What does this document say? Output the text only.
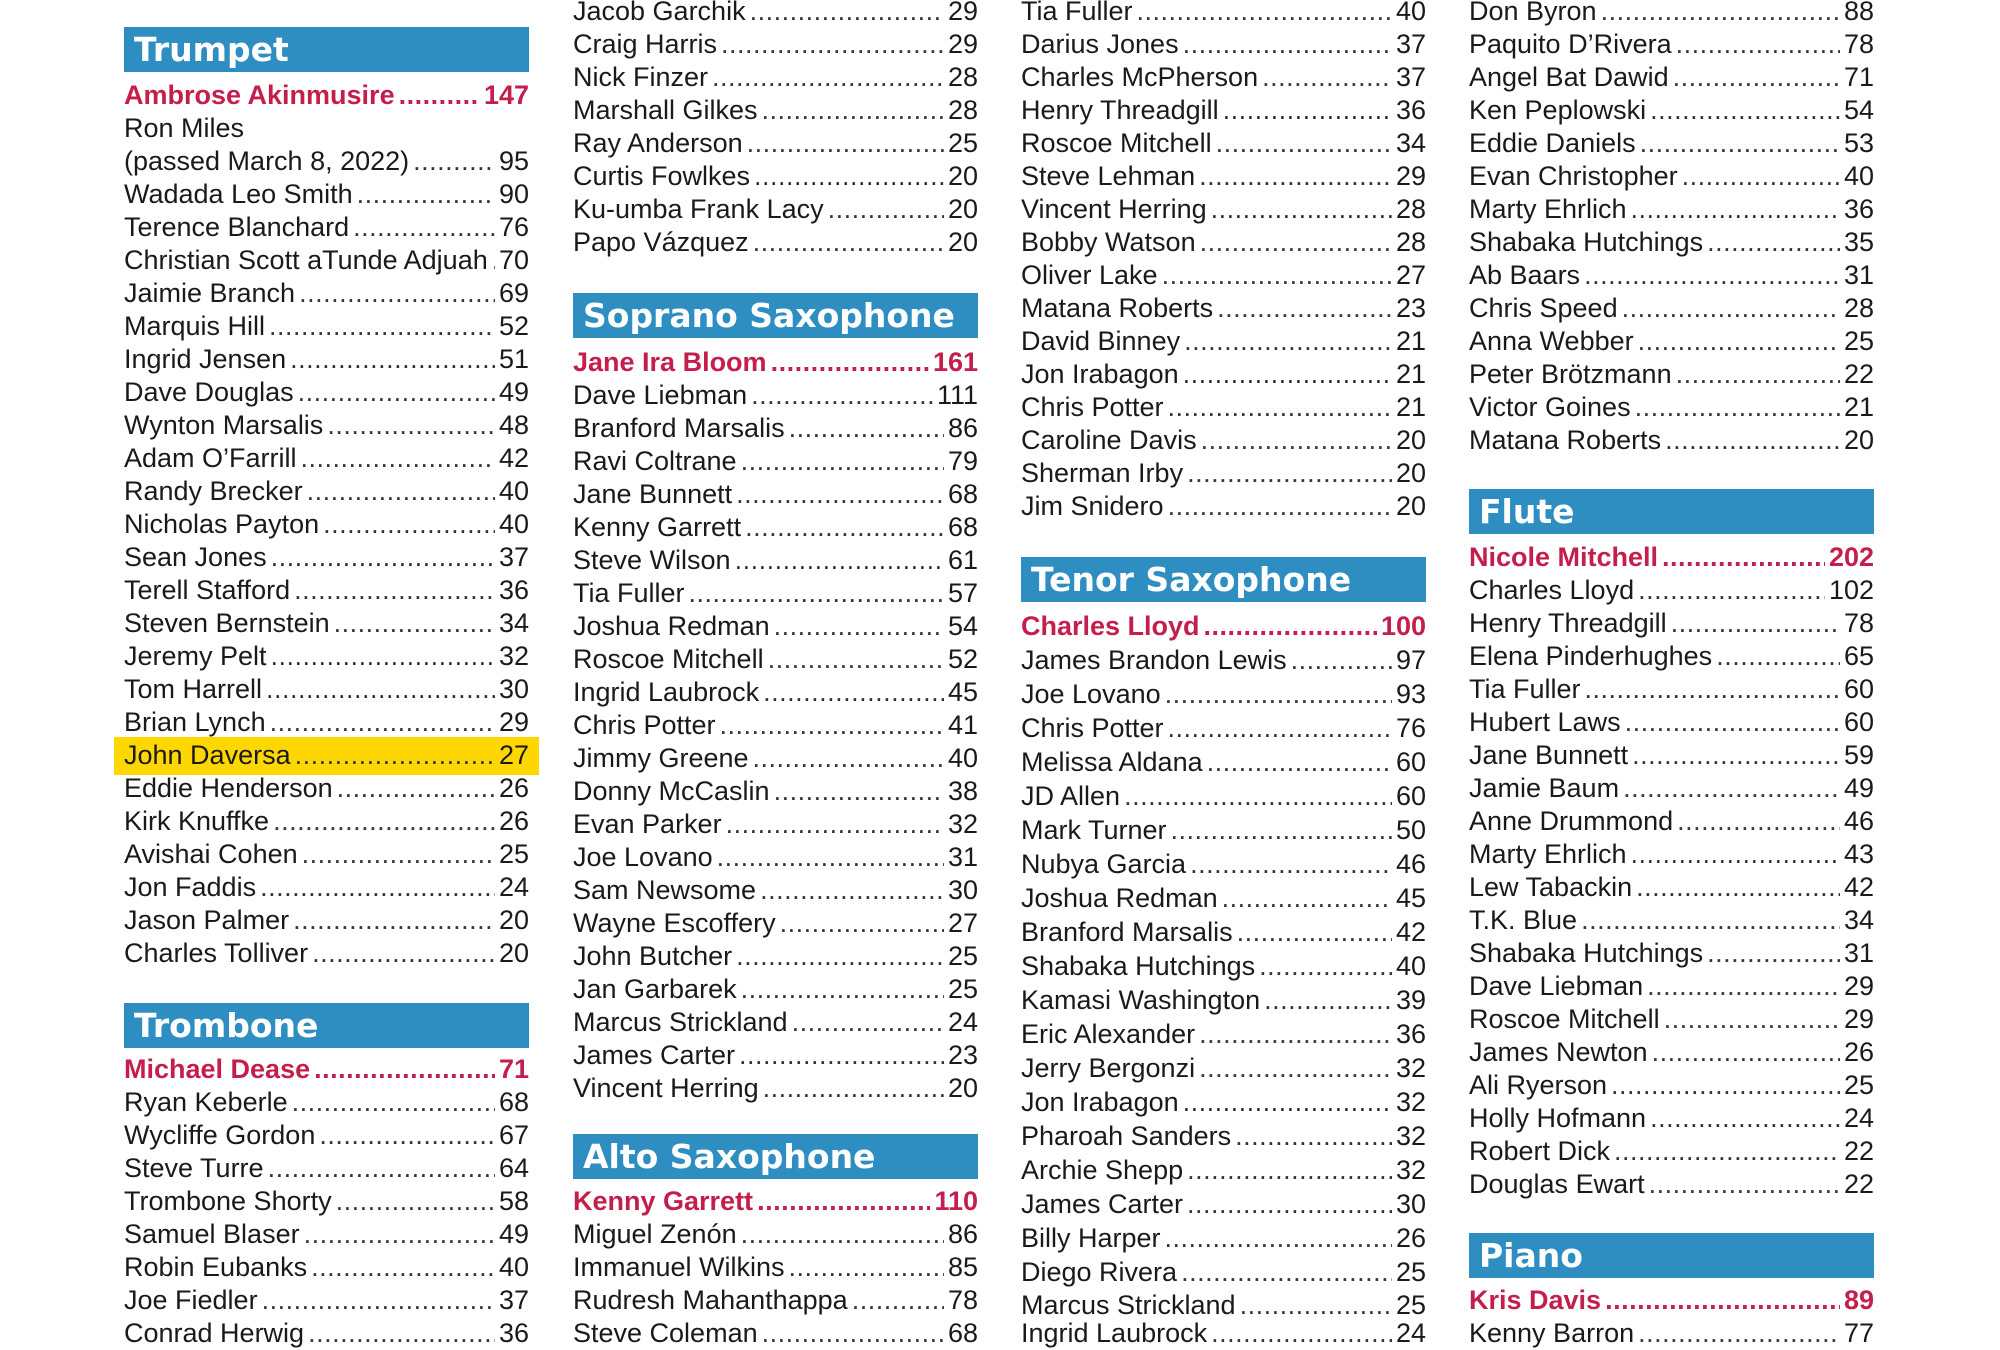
Trumpet
Ambrose Akinmusire .....	147
Ron Miles
(passed March 8, 2022) .....	95
Wadada Leo Smith .....	90
Terence Blanchard .....	76
Christian Scott aTunde Adjuah ..... 70
Jaimie Branch .....	69
Marquis Hill .....	52
Ingrid Jensen .....	51
Dave Douglas .....	49
Wynton Marsalis .....	48
Adam O’Farrill .....	42
Randy Brecker .....	40
Nicholas Payton .....	40
Sean Jones .....	37
Terell Stafford .....	36
Steven Bernstein .....	34
Jeremy Pelt .....	32
Tom Harrell .....	30
Brian Lynch .....	29
John Daversa .....	27
Eddie Henderson .....	26
Kirk Knuffke .....	26
Avishai Cohen .....	25
Jon Faddis .....	24
Jason Palmer .....	20
Charles Tolliver .....	20
Trombone
Michael Dease .....	71
Ryan Keberle .....	68
Wycliffe Gordon .....	67
Steve Turre .....	64
Trombone Shorty .....	58
Samuel Blaser .....	49
Robin Eubanks .....	40
Joe Fiedler .....	37
Conrad Herwig .....	36
Jacob Garchik .....	29
Craig Harris .....	29
Nick Finzer .....	28
Marshall Gilkes .....	28
Ray Anderson .....	25
Curtis Fowlkes .....	20
Ku-umba Frank Lacy .....	20
Papo Vázquez .....	20
Soprano Saxophone
Jane Ira Bloom .....	161
Dave Liebman .....	111
Branford Marsalis .....	86
Ravi Coltrane .....	79
Jane Bunnett .....	68
Kenny Garrett .....	68
Steve Wilson .....	61
Tia Fuller .....	57
Joshua Redman .....	54
Roscoe Mitchell .....	52
Ingrid Laubrock .....	45
Chris Potter .....	41
Jimmy Greene .....	40
Donny McCaslin .....	38
Evan Parker .....	32
Joe Lovano .....	31
Sam Newsome .....	30
Wayne Escoffery .....	27
John Butcher .....	25
Jan Garbarek .....	25
Marcus Strickland .....	24
James Carter .....	23
Vincent Herring .....	20
Alto Saxophone
Kenny Garrett .....	110
Miguel Zenón .....	86
Immanuel Wilkins .....	85
Rudresh Mahanthappa .....	78
Steve Coleman .....	68
Tia Fuller .....	40
Darius Jones .....	37
Charles McPherson .....	37
Henry Threadgill .....	36
Roscoe Mitchell .....	34
Steve Lehman .....	29
Vincent Herring .....	28
Bobby Watson .....	28
Oliver Lake .....	27
Matana Roberts .....	23
David Binney .....	21
Jon Irabagon .....	21
Chris Potter .....	21
Caroline Davis .....	20
Sherman Irby .....	20
Jim Snidero .....	20
Tenor Saxophone
Charles Lloyd .....	100
James Brandon Lewis .....	97
Joe Lovano .....	93
Chris Potter .....	76
Melissa Aldana .....	60
JD Allen .....	60
Mark Turner .....	50
Nubya Garcia .....	46
Joshua Redman .....	45
Branford Marsalis .....	42
Shabaka Hutchings .....	40
Kamasi Washington .....	39
Eric Alexander .....	36
Jerry Bergonzi .....	32
Jon Irabagon .....	32
Pharoah Sanders .....	32
Archie Shepp .....	32
James Carter .....	30
Billy Harper .....	26
Diego Rivera .....	25
Marcus Strickland .....	25
Ingrid Laubrock .....	24
Don Byron .....	88
Paquito D’Rivera .....	78
Angel Bat Dawid .....	71
Ken Peplowski .....	54
Eddie Daniels .....	53
Evan Christopher .....	40
Marty Ehrlich .....	36
Shabaka Hutchings .....	35
Ab Baars .....	31
Chris Speed .....	28
Anna Webber .....	25
Peter Brötzmann .....	22
Victor Goines .....	21
Matana Roberts .....	20
Flute
Nicole Mitchell .....	202
Charles Lloyd .....	102
Henry Threadgill .....	78
Elena Pinderhughes .....	65
Tia Fuller .....	60
Hubert Laws .....	60
Jane Bunnett .....	59
Jamie Baum .....	49
Anne Drummond .....	46
Marty Ehrlich .....	43
Lew Tabackin .....	42
T.K. Blue .....	34
Shabaka Hutchings .....	31
Dave Liebman .....	29
Roscoe Mitchell .....	29
James Newton .....	26
Ali Ryerson .....	25
Holly Hofmann .....	24
Robert Dick .....	22
Douglas Ewart .....	22
Piano
Kris Davis .....	89
Kenny Barron .....	77
